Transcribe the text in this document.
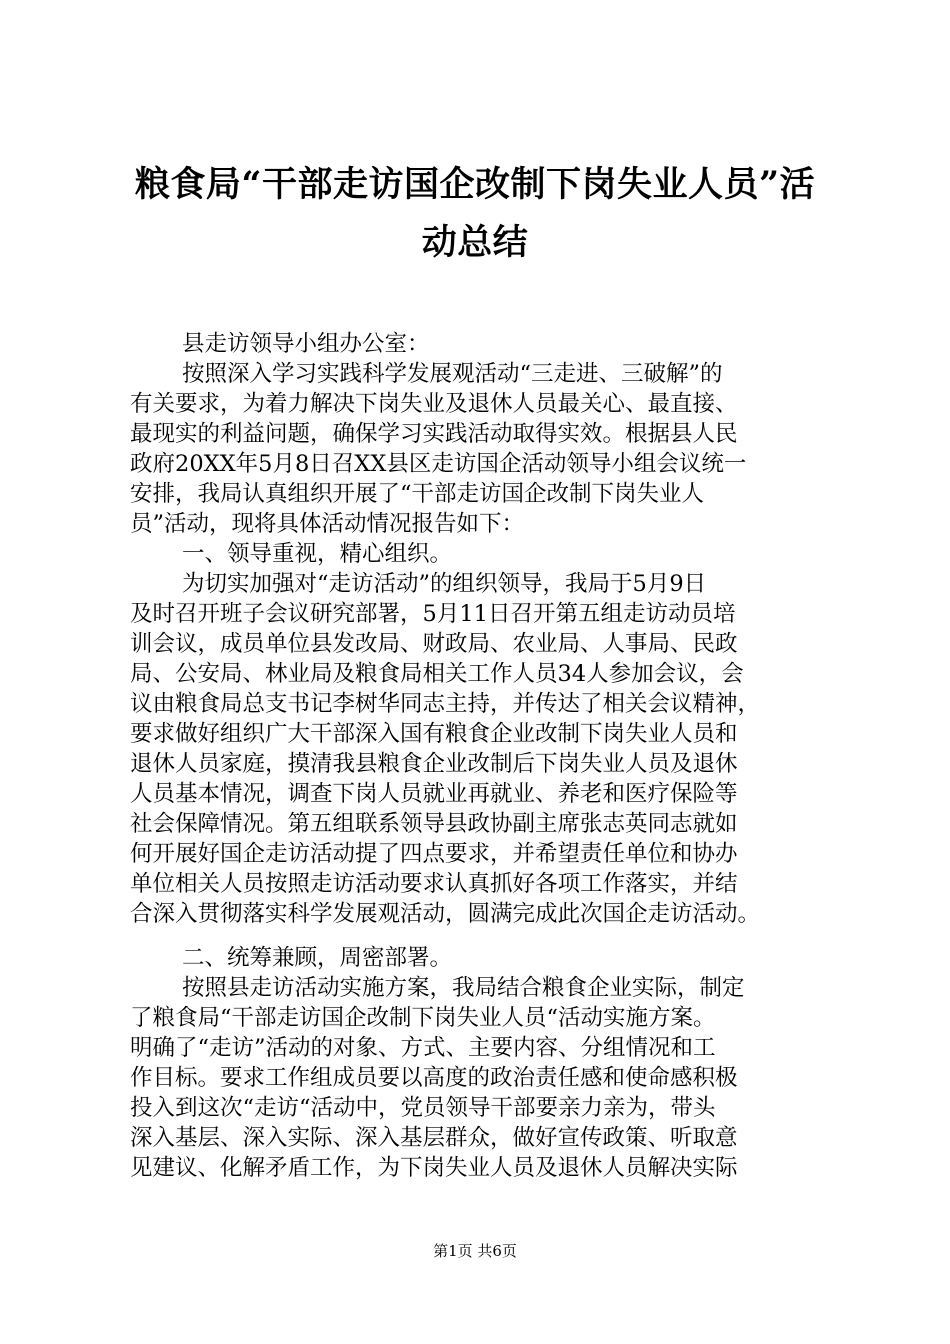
粮食局“干部走访国企改制下岗失业人员”活
动总结
县走访领导小组办公室：
按照深入学习实践科学发展观活动“三走进、三破解”的
有关要求，为着力解决下岗失业及退休人员最关心、最直接、
最现实的利益问题，确保学习实践活动取得实效。根据县人民
政府20XX年5月8日召XX县区走访国企活动领导小组会议统一
安排，我局认真组织开展了“干部走访国企改制下岗失业人
员”活动，现将具体活动情况报告如下：
一、领导重视，精心组织。
为切实加强对“走访活动”的组织领导，我局于5月9日
及时召开班子会议研究部署，5月11日召开第五组走访动员培
训会议，成员单位县发改局、财政局、农业局、人事局、民政
局、公安局、林业局及粮食局相关工作人员34人参加会议，会
议由粮食局总支书记李树华同志主持，并传达了相关会议精神，
要求做好组织广大干部深入国有粮食企业改制下岗失业人员和
退休人员家庭，摸清我县粮食企业改制后下岗失业人员及退休
人员基本情况，调查下岗人员就业再就业、养老和医疗保险等
社会保障情况。第五组联系领导县政协副主席张志英同志就如
何开展好国企走访活动提了四点要求，并希望责任单位和协办
单位相关人员按照走访活动要求认真抓好各项工作落实，并结
合深入贯彻落实科学发展观活动，圆满完成此次国企走访活动。
二、统筹兼顾，周密部署。
按照县走访活动实施方案，我局结合粮食企业实际，制定
了粮食局“干部走访国企改制下岗失业人员“活动实施方案。
明确了“走访”活动的对象、方式、主要内容、分组情况和工
作目标。要求工作组成员要以高度的政治责任感和使命感积极
投入到这次“走访“活动中，党员领导干部要亲力亲为，带头
深入基层、深入实际、深入基层群众，做好宣传政策、听取意
见建议、化解矛盾工作，为下岗失业人员及退休人员解决实际
第1页 共6页
